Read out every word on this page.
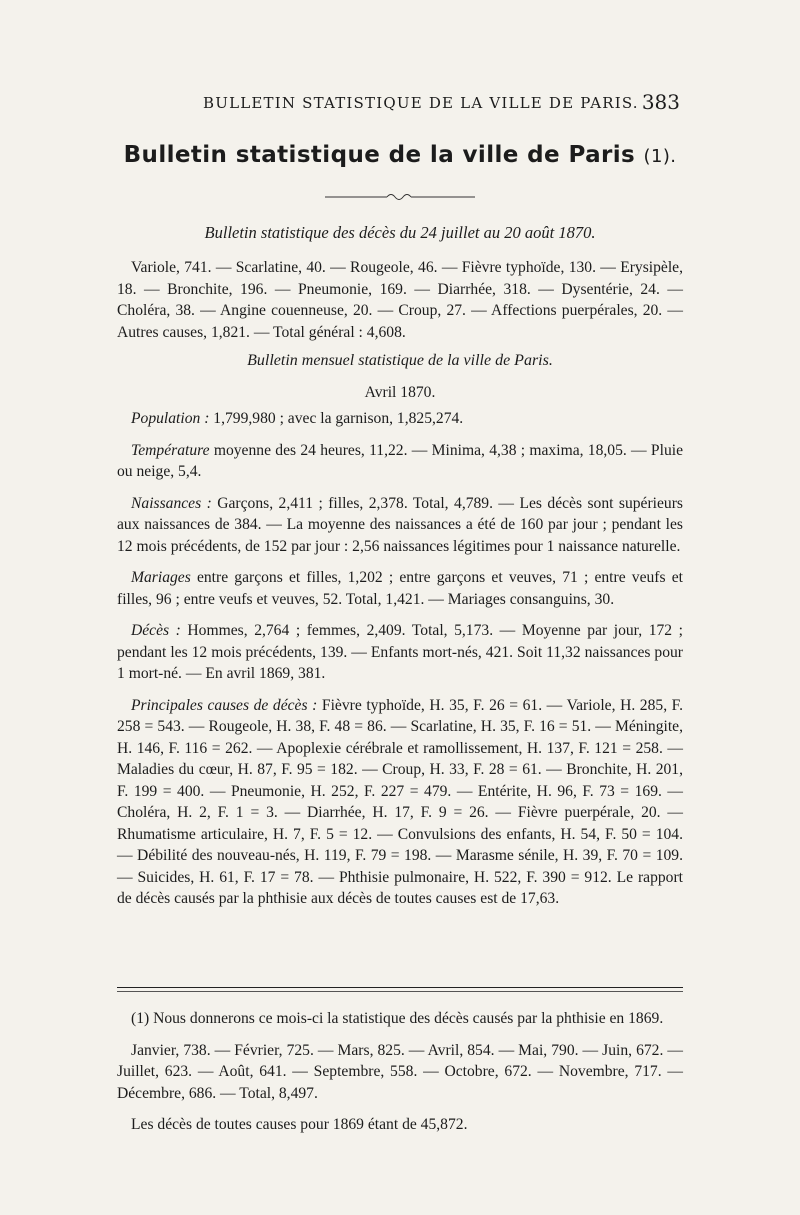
BULLETIN STATISTIQUE DE LA VILLE DE PARIS. 383
Bulletin statistique de la ville de Paris (1).
Bulletin statistique des décès du 24 juillet au 20 août 1870.

Variole, 741. — Scarlatine, 40. — Rougeole, 46. — Fièvre typhoïde, 130. — Erysipèle, 18. — Bronchite, 196. — Pneumonie, 169. — Diarrhée, 318. — Dysentérie, 24. — Choléra, 38. — Angine couenneuse, 20. — Croup, 27. — Affections puerpérales, 20. — Autres causes, 1,821. — Total général : 4,608.

Bulletin mensuel statistique de la ville de Paris.
Avril 1870.

Population : 1,799,980 ; avec la garnison, 1,825,274.

Température moyenne des 24 heures, 11,22. — Minima, 4,38 ; maxima, 18,05. — Pluie ou neige, 5,4.

Naissances : Garçons, 2,411 ; filles, 2,378. Total, 4,789. — Les décès sont supérieurs aux naissances de 384. — La moyenne des naissances a été de 160 par jour ; pendant les 12 mois précédents, de 152 par jour : 2,56 naissances légitimes pour 1 naissance naturelle.

Mariages entre garçons et filles, 1,202 ; entre garçons et veuves, 71 ; entre veufs et filles, 96 ; entre veufs et veuves, 52. Total, 1,421. — Mariages consanguins, 30.

Décès : Hommes, 2,764 ; femmes, 2,409. Total, 5,173. — Moyenne par jour, 172 ; pendant les 12 mois précédents, 139. — Enfants mort-nés, 421. Soit 11,32 naissances pour 1 mort-né. — En avril 1869, 381.

Principales causes de décès : Fièvre typhoïde, H. 35, F. 26 = 61. — Variole, H. 285, F. 258 = 543. — Rougeole, H. 38, F. 48 = 86. — Scarlatine, H. 35, F. 16 = 51. — Méningite, H. 146, F. 116 = 262. — Apoplexie cérébrale et ramollissement, H. 137, F. 121 = 258. — Maladies du cœur, H. 87, F. 95 = 182. — Croup, H. 33, F. 28 = 61. — Bronchite, H. 201, F. 199 = 400. — Pneumonie, H. 252, F. 227 = 479. — Entérite, H. 96, F. 73 = 169. — Choléra, H. 2, F. 1 = 3. — Diarrhée, H. 17, F. 9 = 26. — Fièvre puerpérale, 20. — Rhumatisme articulaire, H. 7, F. 5 = 12. — Convulsions des enfants, H. 54, F. 50 = 104. — Débilité des nouveau-nés, H. 119, F. 79 = 198. — Marasme sénile, H. 39, F. 70 = 109. — Suicides, H. 61, F. 17 = 78. — Phthisie pulmonaire, H. 522, F. 390 = 912. Le rapport de décès causés par la phthisie aux décès de toutes causes est de 17,63.

(1) Nous donnerons ce mois-ci la statistique des décès causés par la phthisie en 1869.

Janvier, 738. — Février, 725. — Mars, 825. — Avril, 854. — Mai, 790. — Juin, 672. — Juillet, 623. — Août, 641. — Septembre, 558. — Octobre, 672. — Novembre, 717. — Décembre, 686. — Total, 8,497.

Les décès de toutes causes pour 1869 étant de 45,872.
